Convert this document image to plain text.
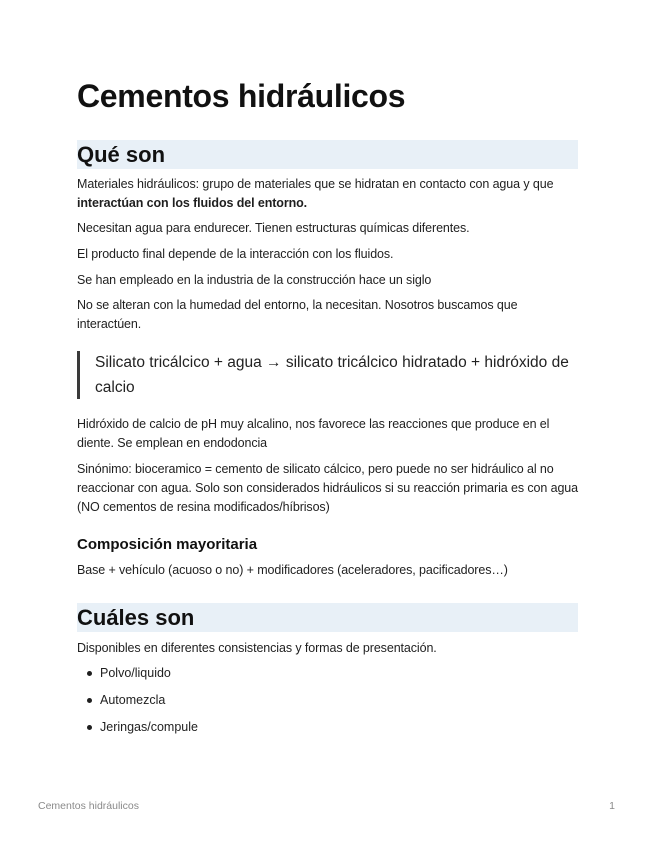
Cementos hidráulicos
Qué son

Materiales hidráulicos: grupo de materiales que se hidratan en contacto con agua y que interactúan con los fluidos del entorno.

Necesitan agua para endurecer. Tienen estructuras químicas diferentes.

El producto final depende de la interacción con los fluidos.

Se han empleado en la industria de la construcción hace un siglo

No se alteran con la humedad del entorno, la necesitan. Nosotros buscamos que interactúen.

Silicato tricálcico + agua → silicato tricálcico hidratado + hidróxido de calcio

Hidróxido de calcio de pH muy alcalino, nos favorece las reacciones que produce en el diente. Se emplean en endodoncia

Sinónimo: bioceramico = cemento de silicato cálcico, pero puede no ser hidráulico al no reaccionar con agua. Solo son considerados hidráulicos si su reacción primaria es con agua (NO cementos de resina modificados/híbrisos)

Composición mayoritaria

Base + vehículo (acuoso o no) + modificadores (aceleradores, pacificadores…)

Cuáles son

Disponibles en diferentes consistencias y formas de presentación.

Polvo/liquido
Automezcla
Jeringas/compule
Cementos hidráulicos	1
